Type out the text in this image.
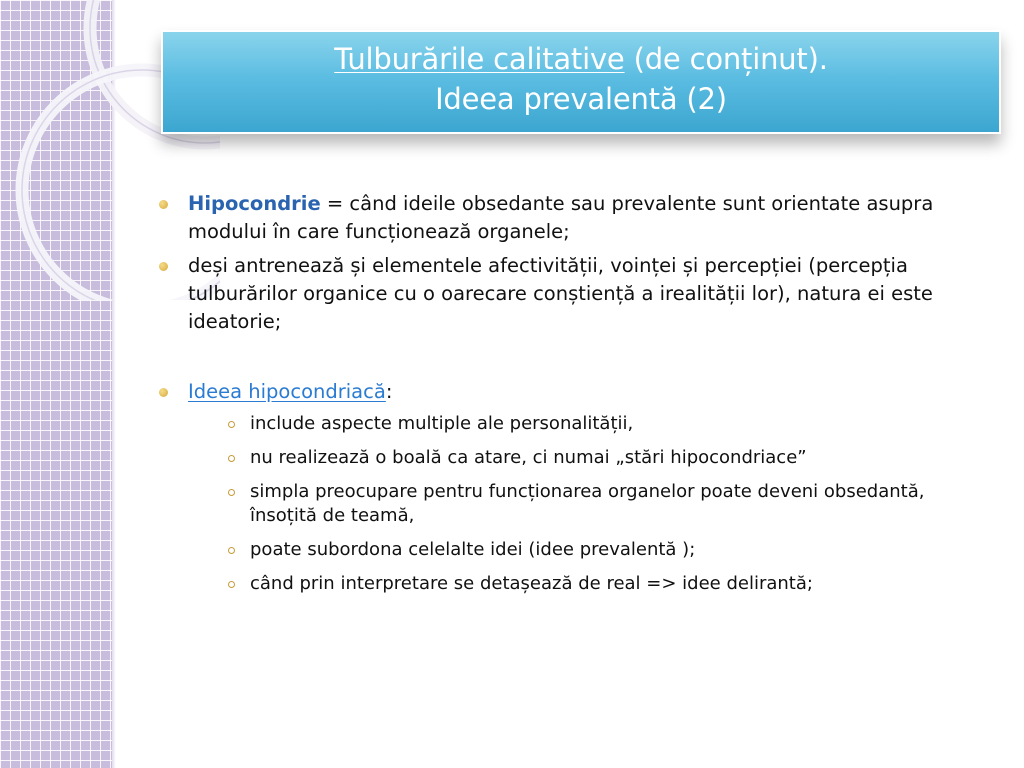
Tulburările calitative (de conținut).
Ideea prevalentă (2)
Hipocondrie = când ideile obsedante sau prevalente sunt orientate asupra modului în care funcționează organele;
deși antrenează și elementele afectivității, voinței și percepției (percepția tulburărilor organice cu o oarecare conștiență a irealității lor), natura ei este ideatorie;
Ideea hipocondriacă:
include aspecte multiple ale personalității,
nu realizează o boală ca atare, ci numai „stări hipocondriace”
simpla preocupare pentru funcționarea organelor poate deveni obsedantă, însoțită de teamă,
poate subordona celelalte idei (idee prevalentă );
când prin interpretare se detașează de real => idee delirantă;
